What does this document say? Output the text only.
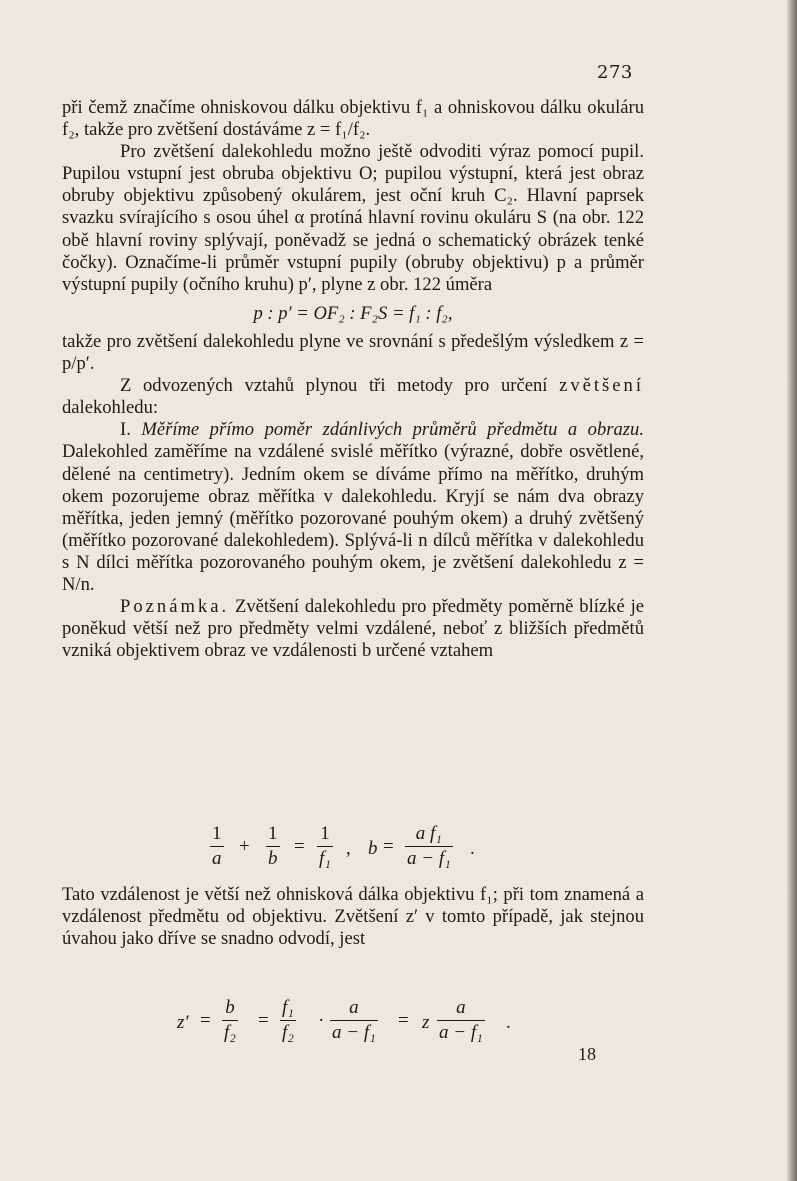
273

při čemž značíme ohniskovou dálku objektivu f₁ a ohniskovou dálku okuláru f₂, takže pro zvětšení dostáváme z = f₁/f₂.

Pro zvětšení dalekohledu možno ještě odvoditi výraz pomocí pupil. Pupilou vstupní jest obruba objektivu O; pupilou výstupní, která jest obraz obruby objektivu způsobený okulárem, jest oční kruh C₂. Hlavní paprsek svazku svírajícího s osou úhel α protíná hlavní rovinu okuláru S (na obr. 122 obě hlavní roviny splývají, poněvadž se jedná o schematický obrázek tenké čočky). Označíme-li průměr vstupní pupily (obruby objektivu) p a průměr výstupní pupily (očního kruhu) p′, plyne z obr. 122 úměra

p : p′ = OF₂ : F₂S = f₁ : f₂,

takže pro zvětšení dalekohledu plyne ve srovnání s předešlým výsledkem z = p/p′.

Z odvozených vztahů plynou tři metody pro určení zvětšení dalekohledu:

I. Měříme přímo poměr zdánlivých průměrů předmětu a obrazu. Dalekohled zaměříme na vzdálené svislé měřítko (výrazné, dobře osvětlené, dělené na centimetry). Jedním okem se díváme přímo na měřítko, druhým okem pozorujeme obraz měřítka v dalekohledu. Kryjí se nám dva obrazy měřítka, jeden jemný (měřítko pozorované pouhým okem) a druhý zvětšený (měřítko pozorované dalekohledem). Splývá-li n dílců měřítka v dalekohledu s N dílci měřítka pozorovaného pouhým okem, je zvětšení dalekohledu z = N/n.

Poznámka. Zvětšení dalekohledu pro předměty poměrně blízké je poněkud větší než pro předměty velmi vzdálené, neboť z bližších předmětů vzniká objektivem obraz ve vzdálenosti b určené vztahem

$\frac{1}{a} + \frac{1}{b} = \frac{1}{\text{f₁}}$ , $b = \frac{\text{a f₁}}{\text{a − f₁}}$ .

Tato vzdálenost je větší než ohnisková dálka objektivu f₁; při tom znamená a vzdálenost předmětu od objektivu. Zvětšení z′ v tomto případě, jak stejnou úvahou jako dříve se snadno odvodí, jest

$z' = \frac{b}{\text{f₂}} = \frac{\text{f₁}}{\text{f₂}} \cdot \frac{a}{\text{a − f₁}} = z \frac{a}{\text{a − f₁}}$ .
18
